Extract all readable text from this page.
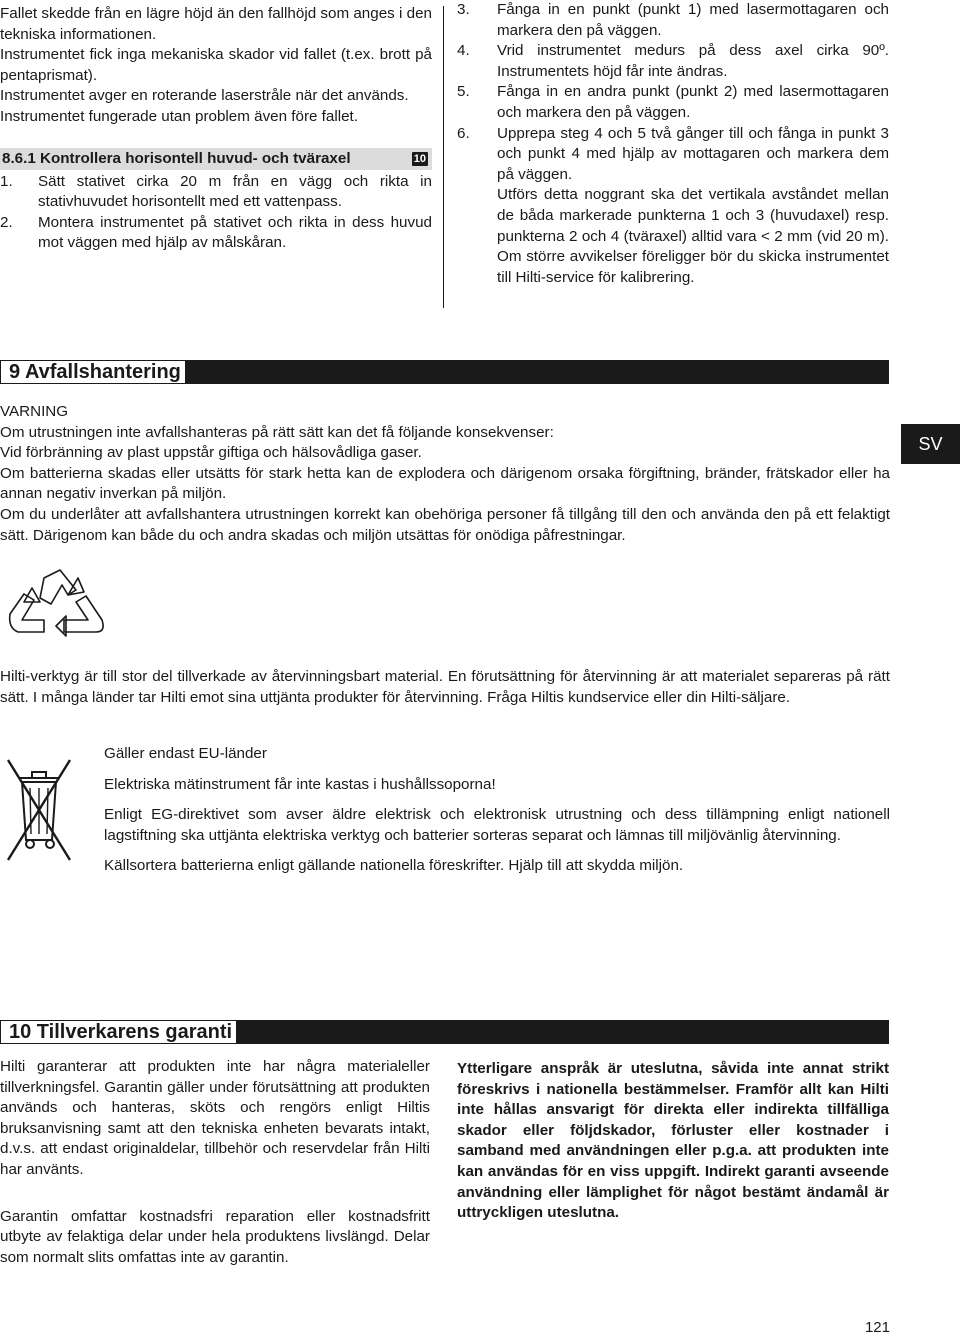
Fallet skedde från en lägre höjd än den fallhöjd som anges i den tekniska informationen.

Instrumentet fick inga mekaniska skador vid fallet (t.ex. brott på pentaprismat).

Instrumentet avger en roterande laserstråle när det används.

Instrumentet fungerade utan problem även före fallet.

8.6.1 Kontrollera horisontell huvud- och tväraxel	10
1.	Sätt stativet cirka 20 m från en vägg och rikta in stativhuvudet horisontellt med ett vattenpass.
2.	Montera instrumentet på stativet och rikta in dess huvud mot väggen med hjälp av målskåran.
3.	Fånga in en punkt (punkt 1) med lasermottagaren och markera den på väggen.
4.	Vrid instrumentet medurs på dess axel cirka 90º. Instrumentets höjd får inte ändras.
5.	Fånga in en andra punkt (punkt 2) med lasermottagaren och markera den på väggen.
6.	Upprepa steg 4 och 5 två gånger till och fånga in punkt 3 och punkt 4 med hjälp av mottagaren och markera dem på väggen.
Utförs detta noggrant ska det vertikala avståndet mellan de båda markerade punkterna 1 och 3 (huvudaxel) resp. punkterna 2 och 4 (tväraxel) alltid vara < 2 mm (vid 20 m). Om större avvikelser föreligger bör du skicka instrumentet till Hilti-service för kalibrering.
9 Avfallshantering
SV

VARNING

Om utrustningen inte avfallshanteras på rätt sätt kan det få följande konsekvenser:

Vid förbränning av plast uppstår giftiga och hälsovådliga gaser.

Om batterierna skadas eller utsätts för stark hetta kan de explodera och därigenom orsaka förgiftning, bränder, frätskador eller ha annan negativ inverkan på miljön.

Om du underlåter att avfallshantera utrustningen korrekt kan obehöriga personer få tillgång till den och använda den på ett felaktigt sätt. Därigenom kan både du och andra skadas och miljön utsättas för onödiga påfrestningar.

Hilti-verktyg är till stor del tillverkade av återvinningsbart material. En förutsättning för återvinning är att materialet separeras på rätt sätt. I många länder tar Hilti emot sina uttjänta produkter för återvinning. Fråga Hiltis kundservice eller din Hilti-säljare.

Gäller endast EU-länder

Elektriska mätinstrument får inte kastas i hushållssoporna!

Enligt EG-direktivet som avser äldre elektrisk och elektronisk utrustning och dess tillämpning enligt nationell lagstiftning ska uttjänta elektriska verktyg och batterier sorteras separat och lämnas till miljövänlig återvinning.

Källsortera batterierna enligt gällande nationella föreskrifter. Hjälp till att skydda miljön.

10 Tillverkarens garanti

Hilti garanterar att produkten inte har några materialeller tillverkningsfel. Garantin gäller under förutsättning att produkten används och hanteras, sköts och rengörs enligt Hiltis bruksanvisning samt att den tekniska enheten bevarats intakt, d.v.s. att endast originaldelar, tillbehör och reservdelar från Hilti har använts.

Garantin omfattar kostnadsfri reparation eller kostnadsfritt utbyte av felaktiga delar under hela produktens livslängd. Delar som normalt slits omfattas inte av garantin.

Ytterligare anspråk är uteslutna, såvida inte annat strikt föreskrivs i nationella bestämmelser. Framför allt kan Hilti inte hållas ansvarigt för direkta eller indirekta tillfälliga skador eller följdskador, förluster eller kostnader i samband med användningen eller p.g.a. att produkten inte kan användas för en viss uppgift. Indirekt garanti avseende användning eller lämplighet för något bestämt ändamål är uttryckligen uteslutna.

121
